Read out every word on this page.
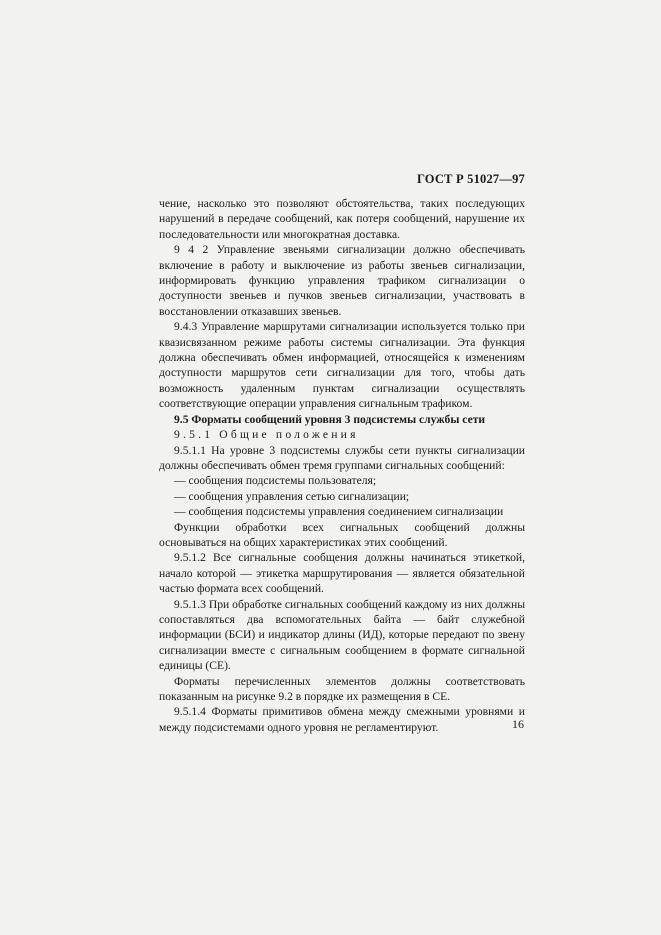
ГОСТ Р 51027—97

чение, насколько это позволяют обстоятельства, таких последующих нарушений в передаче сообщений, как потеря сообщений, нарушение их последовательности или многократная доставка.

9 4 2 Управление звеньями сигнализации должно обеспечивать включение в работу и выключение из работы звеньев сигнализации, информировать функцию управления трафиком сигнализации о доступности звеньев и пучков звеньев сигнализации, участвовать в восстановлении отказавших звеньев.

9.4.3 Управление маршрутами сигнализации используется только при квазисвязанном режиме работы системы сигнализации. Эта функция должна обеспечивать обмен информацией, относящейся к изменениям доступности маршрутов сети сигнализации для того, чтобы дать возможность удаленным пунктам сигнализации осуществлять соответствующие операции управления сигнальным трафиком.

9.5 Форматы сообщений уровня 3 подсистемы службы сети

9.5.1 Общие положения

9.5.1.1 На уровне 3 подсистемы службы сети пункты сигнализации должны обеспечивать обмен тремя группами сигнальных сообщений:

— сообщения подсистемы пользователя;

— сообщения управления сетью сигнализации;

— сообщения подсистемы управления соединением сигнализации

Функции обработки всех сигнальных сообщений должны основываться на общих характеристиках этих сообщений.

9.5.1.2 Все сигнальные сообщения должны начинаться этикеткой, начало которой — этикетка маршрутирования — является обязательной частью формата всех сообщений.

9.5.1.3 При обработке сигнальных сообщений каждому из них должны сопоставляться два вспомогательных байта — байт служебной информации (БСИ) и индикатор длины (ИД), которые передают по звену сигнализации вместе с сигнальным сообщением в формате сигнальной единицы (СЕ).

Форматы перечисленных элементов должны соответствовать показанным на рисунке 9.2 в порядке их размещения в СЕ.

9.5.1.4 Форматы примитивов обмена между смежными уровнями и между подсистемами одного уровня не регламентируют.	16
